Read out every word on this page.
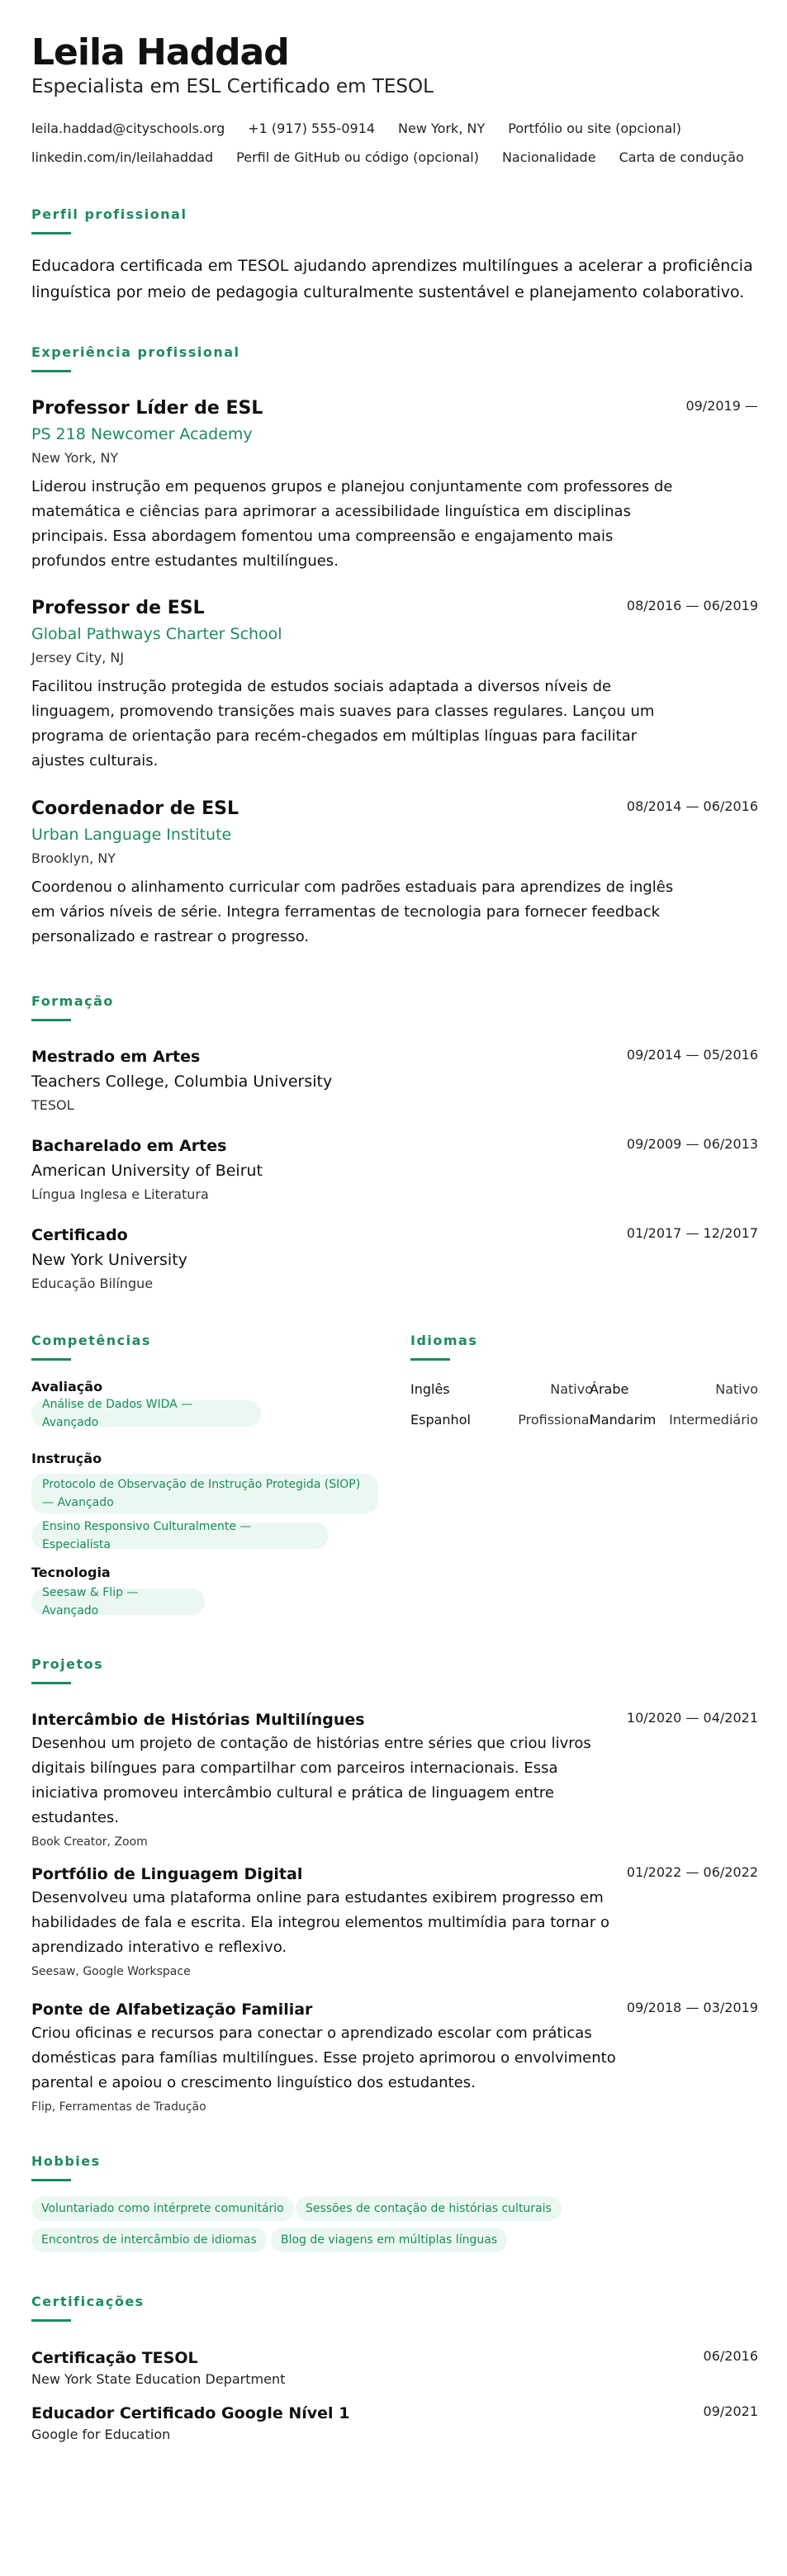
Leila Haddad
Especialista em ESL Certificado em TESOL
leila.haddad@cityschools.org +1 (917) 555-0914 New York, NY Portfólio ou site (opcional)
linkedin.com/in/leilahaddad Perfil de GitHub ou código (opcional) Nacionalidade Carta de condução
Perfil profissional
Educadora certificada em TESOL ajudando aprendizes multilíngues a acelerar a proficiência linguística por meio de pedagogia culturalmente sustentável e planejamento colaborativo.
Experiência profissional
Professor Líder de ESL
PS 218 Newcomer Academy
New York, NY
Liderou instrução em pequenos grupos e planejou conjuntamente com professores de matemática e ciências para aprimorar a acessibilidade linguística em disciplinas principais. Essa abordagem fomentou uma compreensão e engajamento mais profundos entre estudantes multilíngues.
09/2019 —
Professor de ESL
Global Pathways Charter School
Jersey City, NJ
Facilitou instrução protegida de estudos sociais adaptada a diversos níveis de linguagem, promovendo transições mais suaves para classes regulares. Lançou um programa de orientação para recém-chegados em múltiplas línguas para facilitar ajustes culturais.
08/2016 — 06/2019
Coordenador de ESL
Urban Language Institute
Brooklyn, NY
Coordenou o alinhamento curricular com padrões estaduais para aprendizes de inglês em vários níveis de série. Integra ferramentas de tecnologia para fornecer feedback personalizado e rastrear o progresso.
08/2014 — 06/2016
Formação
Mestrado em Artes
Teachers College, Columbia University
TESOL
09/2014 — 05/2016
Bacharelado em Artes
American University of Beirut
Língua Inglesa e Literatura
09/2009 — 06/2013
Certificado
New York University
Educação Bilíngue
01/2017 — 12/2017
Competências
Avaliação
Análise de Dados WIDA — Avançado
Instrução
Protocolo de Observação de Instrução Protegida (SIOP) — Avançado
Ensino Responsivo Culturalmente — Especialista
Tecnologia
Seesaw & Flip — Avançado
Idiomas
Inglês	Nativo
Árabe	Nativo
Espanhol	Profissional
Mandarim Intermediário
Projetos
Intercâmbio de Histórias Multilíngues
Desenhou um projeto de contação de histórias entre séries que criou livros digitais bilíngues para compartilhar com parceiros internacionais. Essa iniciativa promoveu intercâmbio cultural e prática de linguagem entre estudantes.
Book Creator, Zoom
10/2020 — 04/2021
Portfólio de Linguagem Digital
Desenvolveu uma plataforma online para estudantes exibirem progresso em habilidades de fala e escrita. Ela integrou elementos multimídia para tornar o aprendizado interativo e reflexivo.
Seesaw, Google Workspace
01/2022 — 06/2022
Ponte de Alfabetização Familiar
Criou oficinas e recursos para conectar o aprendizado escolar com práticas domésticas para famílias multilíngues. Esse projeto aprimorou o envolvimento parental e apoiou o crescimento linguístico dos estudantes.
Flip, Ferramentas de Tradução
09/2018 — 03/2019
Hobbies
Voluntariado como intérprete comunitário	Sessões de contação de histórias culturais
Encontros de intercâmbio de idiomas	Blog de viagens em múltiplas línguas
Certificações
Certificação TESOL
New York State Education Department
06/2016
Educador Certificado Google Nível 1
Google for Education
09/2021
